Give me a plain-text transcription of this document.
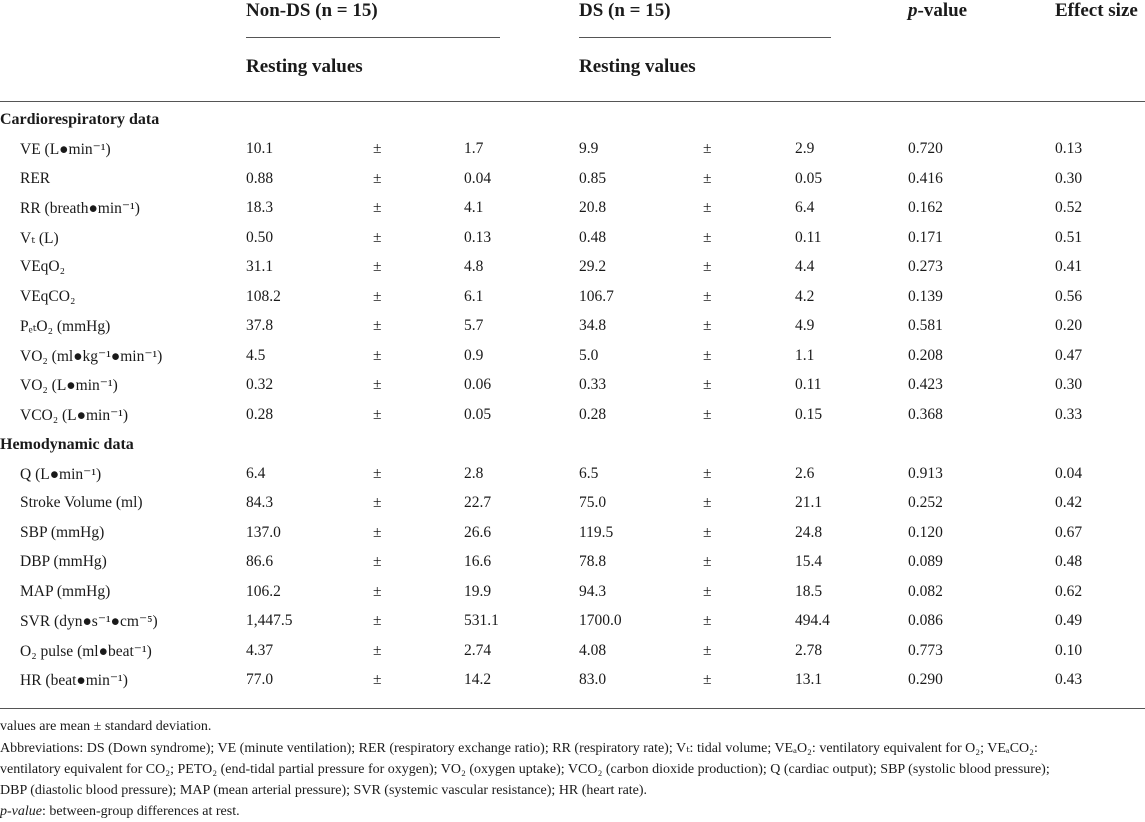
Non-DS (n = 15)	DS (n = 15)	p-value	Effect size
Resting values	Resting values
Cardiorespiratory data
VE (L●min⁻¹)	10.1	±	1.7	9.9	±	2.9	0.720	0.13
RER	0.88	±	0.04	0.85	±	0.05	0.416	0.30
RR (breath●min⁻¹)	18.3	±	4.1	20.8	±	6.4	0.162	0.52
Vₜ (L)	0.50	±	0.13	0.48	±	0.11	0.171	0.51
VEqO₂	31.1	±	4.8	29.2	±	4.4	0.273	0.41
VEqCO₂	108.2	±	6.1	106.7	±	4.2	0.139	0.56
PₑₜO₂ (mmHg)	37.8	±	5.7	34.8	±	4.9	0.581	0.20
VO₂ (ml●kg⁻¹●min⁻¹)	4.5	±	0.9	5.0	±	1.1	0.208	0.47
VO₂ (L●min⁻¹)	0.32	±	0.06	0.33	±	0.11	0.423	0.30
VCO₂ (L●min⁻¹)	0.28	±	0.05	0.28	±	0.15	0.368	0.33
Hemodynamic data
Q (L●min⁻¹)	6.4	±	2.8	6.5	±	2.6	0.913	0.04
Stroke Volume (ml)	84.3	±	22.7	75.0	±	21.1	0.252	0.42
SBP (mmHg)	137.0	±	26.6	119.5	±	24.8	0.120	0.67
DBP (mmHg)	86.6	±	16.6	78.8	±	15.4	0.089	0.48
MAP (mmHg)	106.2	±	19.9	94.3	±	18.5	0.082	0.62
SVR (dyn●s⁻¹●cm⁻⁵)	1,447.5	±	531.1	1700.0	±	494.4	0.086	0.49
O₂ pulse (ml●beat⁻¹)	4.37	±	2.74	4.08	±	2.78	0.773	0.10
HR (beat●min⁻¹)	77.0	±	14.2	83.0	±	13.1	0.290	0.43
values are mean ± standard deviation.
Abbreviations: DS (Down syndrome); VE (minute ventilation); RER (respiratory exchange ratio); RR (respiratory rate); Vₜ: tidal volume; VEₐO₂: ventilatory equivalent for O₂; VEₐCO₂:
ventilatory equivalent for CO₂; PETO₂ (end-tidal partial pressure for oxygen); VO₂ (oxygen uptake); VCO₂ (carbon dioxide production); Q (cardiac output); SBP (systolic blood pressure);
DBP (diastolic blood pressure); MAP (mean arterial pressure); SVR (systemic vascular resistance); HR (heart rate).
p-value: between-group differences at rest.
